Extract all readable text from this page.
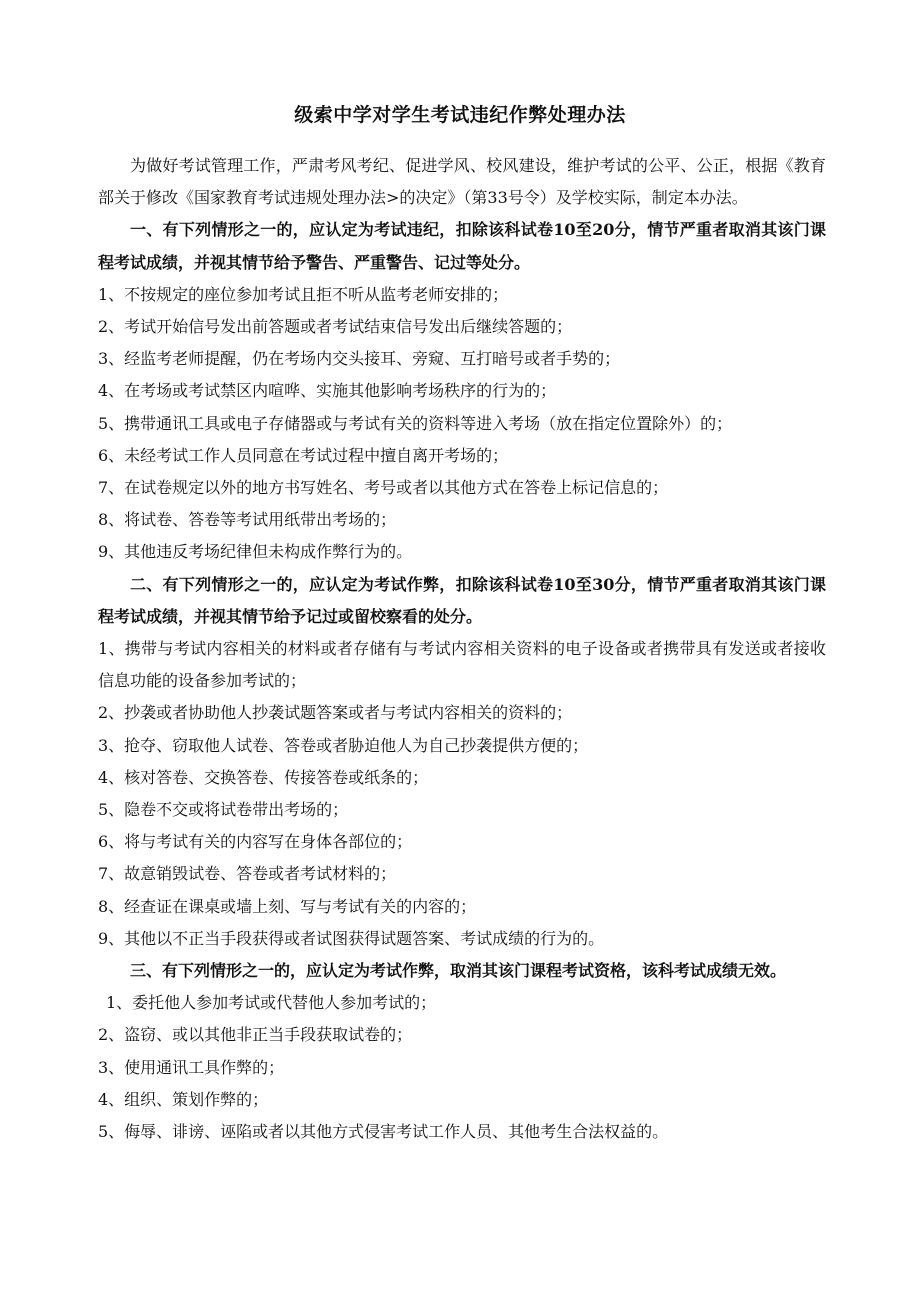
级索中学对学生考试违纪作弊处理办法

为做好考试管理工作，严肃考风考纪、促进学风、校风建设，维护考试的公平、公正，根据《教育部关于修改《国家教育考试违规处理办法>的决定》（第33号令）及学校实际，制定本办法。

一、有下列情形之一的，应认定为考试违纪，扣除该科试卷10至20分，情节严重者取消其该门课程考试成绩，并视其情节给予警告、严重警告、记过等处分。

1、不按规定的座位参加考试且拒不听从监考老师安排的；

2、考试开始信号发出前答题或者考试结束信号发出后继续答题的；

3、经监考老师提醒，仍在考场内交头接耳、旁窥、互打暗号或者手势的；

4、在考场或考试禁区内喧哗、实施其他影响考场秩序的行为的；

5、携带通讯工具或电子存储器或与考试有关的资料等进入考场（放在指定位置除外）的；

6、未经考试工作人员同意在考试过程中擅自离开考场的；

7、在试卷规定以外的地方书写姓名、考号或者以其他方式在答卷上标记信息的；

8、将试卷、答卷等考试用纸带出考场的；

9、其他违反考场纪律但未构成作弊行为的。

二、有下列情形之一的，应认定为考试作弊，扣除该科试卷10至30分，情节严重者取消其该门课程考试成绩，并视其情节给予记过或留校察看的处分。

1、携带与考试内容相关的材料或者存储有与考试内容相关资料的电子设备或者携带具有发送或者接收信息功能的设备参加考试的；

2、抄袭或者协助他人抄袭试题答案或者与考试内容相关的资料的；

3、抢夺、窃取他人试卷、答卷或者胁迫他人为自己抄袭提供方便的；

4、核对答卷、交换答卷、传接答卷或纸条的；

5、隐卷不交或将试卷带出考场的；

6、将与考试有关的内容写在身体各部位的；

7、故意销毁试卷、答卷或者考试材料的；

8、经查证在课桌或墙上刻、写与考试有关的内容的；

9、其他以不正当手段获得或者试图获得试题答案、考试成绩的行为的。

三、有下列情形之一的，应认定为考试作弊，取消其该门课程考试资格，该科考试成绩无效。

1、委托他人参加考试或代替他人参加考试的；

2、盗窃、或以其他非正当手段获取试卷的；

3、使用通讯工具作弊的；

4、组织、策划作弊的；

5、侮辱、诽谤、诬陷或者以其他方式侵害考试工作人员、其他考生合法权益的。
